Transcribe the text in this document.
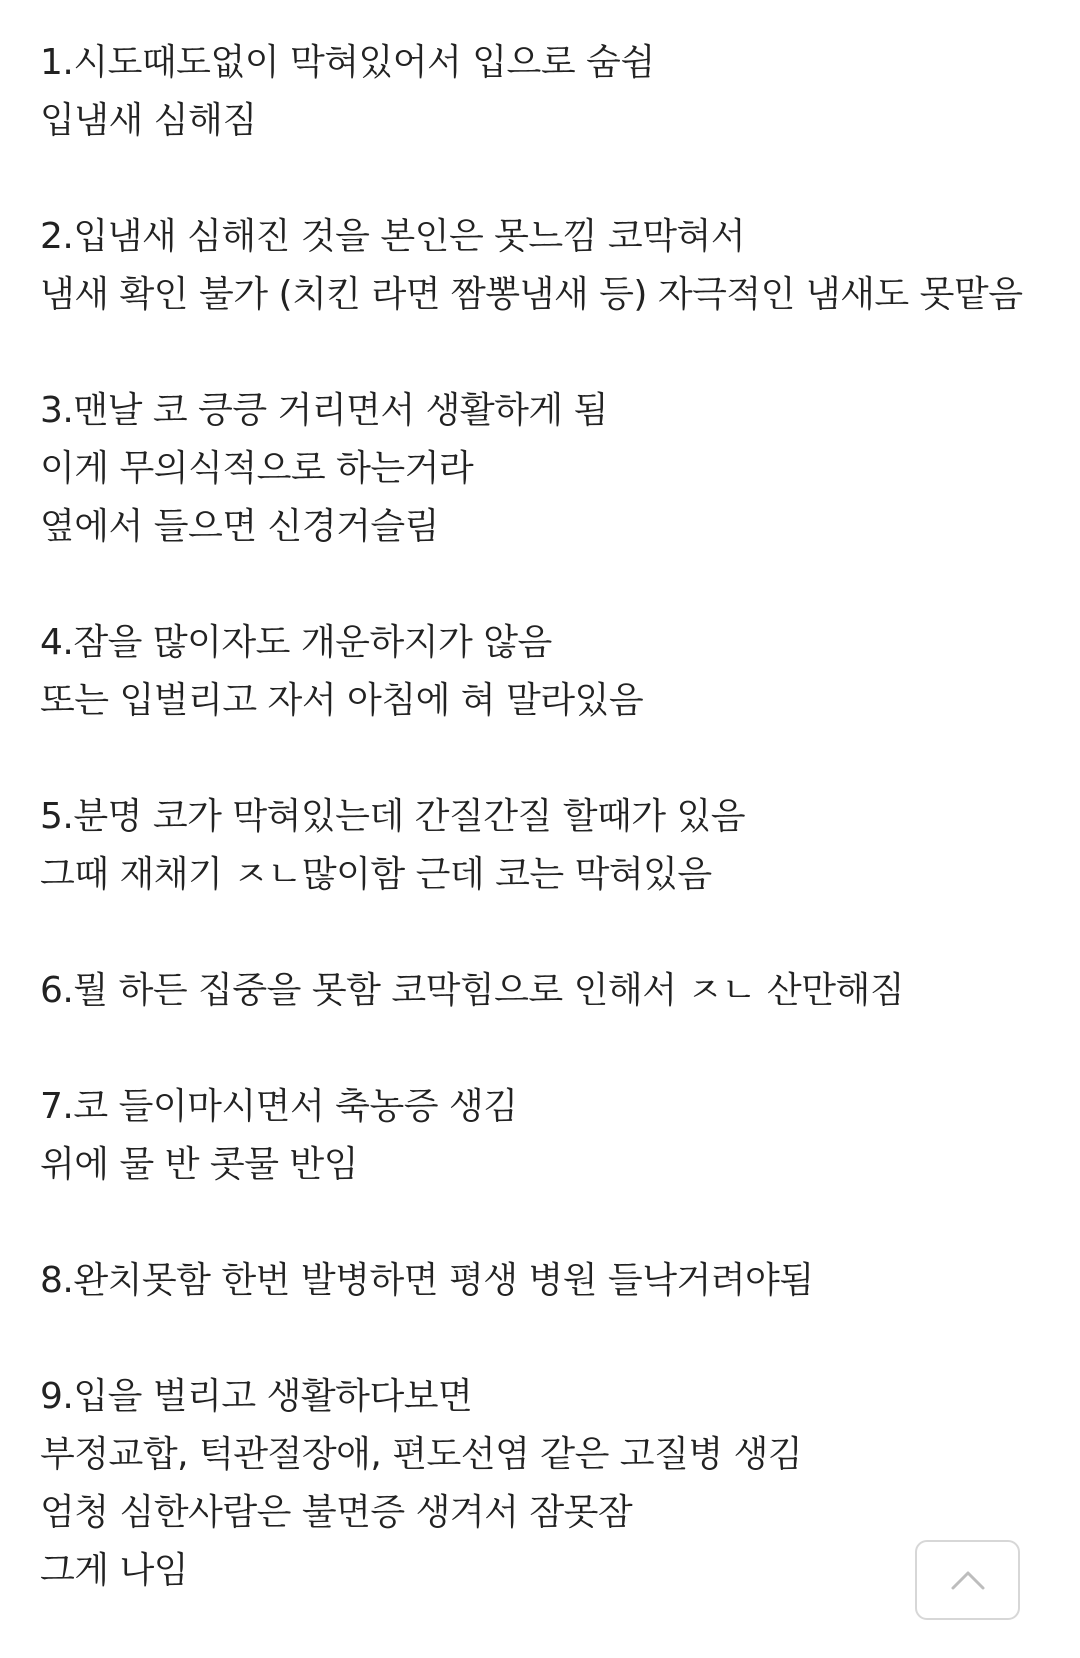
1.시도때도없이 막혀있어서 입으로 숨쉼
입냄새 심해짐
2.입냄새 심해진 것을 본인은 못느낌 코막혀서
냄새 확인 불가 (치킨 라면 짬뽕냄새 등) 자극적인 냄새도 못맡음
3.맨날 코 킁킁 거리면서 생활하게 됨
이게 무의식적으로 하는거라
옆에서 들으면 신경거슬림
4.잠을 많이자도 개운하지가 않음
또는 입벌리고 자서 아침에 혀 말라있음
5.분명 코가 막혀있는데 간질간질 할때가 있음
그때 재채기 ㅈㄴ많이함 근데 코는 막혀있음
6.뭘 하든 집중을 못함 코막힘으로 인해서 ㅈㄴ 산만해짐
7.코 들이마시면서 축농증 생김
위에 물 반 콧물 반임
8.완치못함 한번 발병하면 평생 병원 들낙거려야됨
9.입을 벌리고 생활하다보면
부정교합, 턱관절장애, 편도선염 같은 고질병 생김
엄청 심한사람은 불면증 생겨서 잠못잠
그게 나임
